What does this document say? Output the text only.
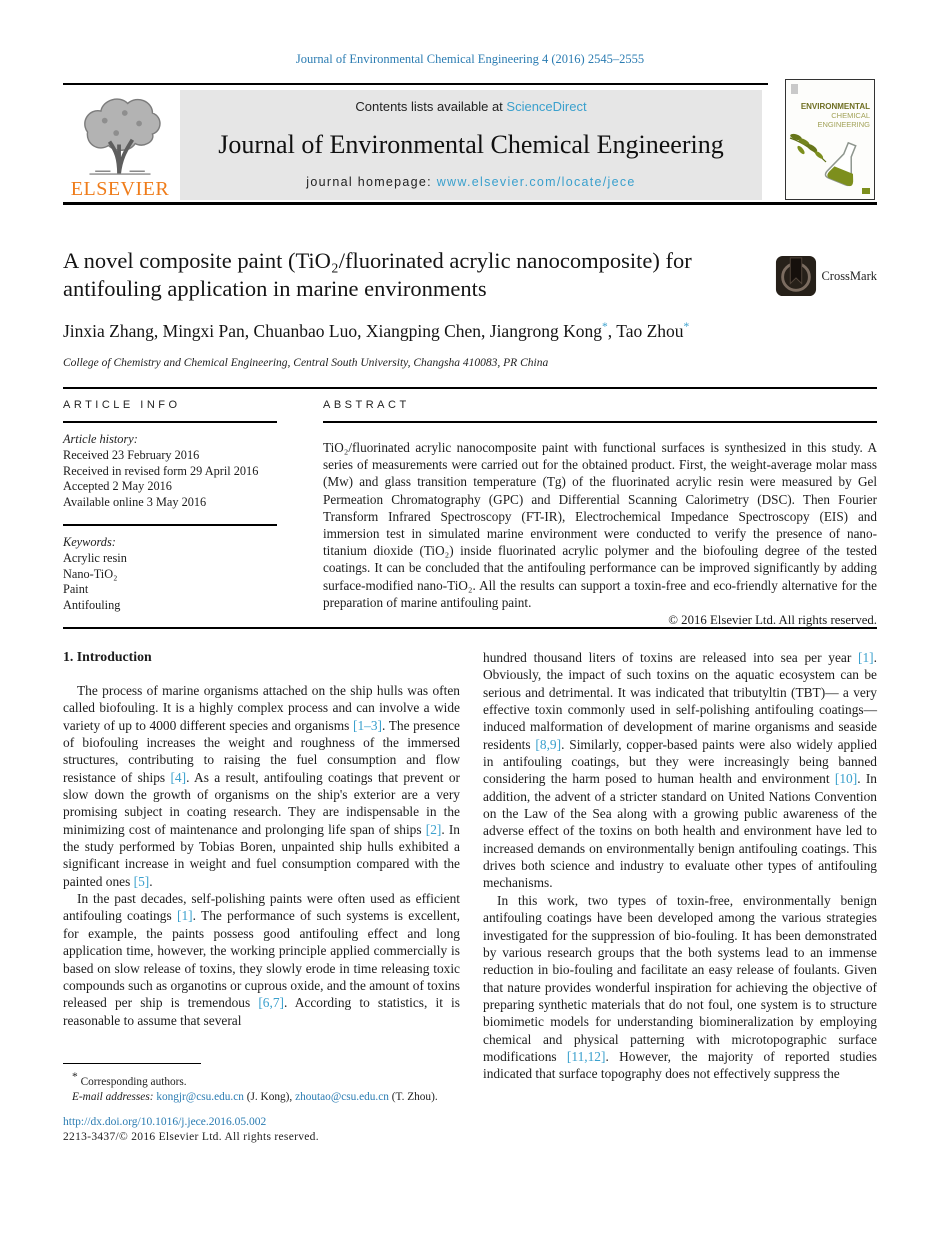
Journal of Environmental Chemical Engineering 4 (2016) 2545–2555
ELSEVIER
Contents lists available at ScienceDirect
Journal of Environmental Chemical Engineering
journal homepage: www.elsevier.com/locate/jece
ENVIRONMENTAL
CHEMICAL
ENGINEERING
A novel composite paint (TiO₂/fluorinated acrylic nanocomposite) for antifouling application in marine environments
CrossMark
Jinxia Zhang, Mingxi Pan, Chuanbao Luo, Xiangping Chen, Jiangrong Kong*, Tao Zhou*
College of Chemistry and Chemical Engineering, Central South University, Changsha 410083, PR China
ARTICLE INFO
Article history:
Received 23 February 2016
Received in revised form 29 April 2016
Accepted 2 May 2016
Available online 3 May 2016
Keywords:
Acrylic resin
Nano-TiO₂
Paint
Antifouling
ABSTRACT

TiO₂/fluorinated acrylic nanocomposite paint with functional surfaces is synthesized in this study. A series of measurements were carried out for the obtained product. First, the weight-average molar mass (Mw) and glass transition temperature (Tg) of the fluorinated acrylic resin were measured by Gel Permeation Chromatography (GPC) and Differential Scanning Calorimetry (DSC). Then Fourier Transform Infrared Spectroscopy (FT-IR), Electrochemical Impedance Spectroscopy (EIS) and immersion test in simulated marine environment were conducted to verify the presence of nano- titanium dioxide (TiO₂) inside fluorinated acrylic polymer and the biofouling degree of the tested coatings. It can be concluded that the antifouling performance can be improved significantly by adding surface-modified nano-TiO₂. All the results can support a toxin-free and eco-friendly alternative for the preparation of marine antifouling paint.

© 2016 Elsevier Ltd. All rights reserved.
1. Introduction

The process of marine organisms attached on the ship hulls was often called biofouling. It is a highly complex process and can involve a wide variety of up to 4000 different species and organisms [1–3]. The presence of biofouling increases the weight and roughness of the immersed structures, contributing to raising the fuel consumption and flow resistance of ships [4]. As a result, antifouling coatings that prevent or slow down the growth of organisms on the ship's exterior are a very promising subject in coating research. They are indispensable in the minimizing cost of maintenance and prolonging life span of ships [2]. In the study performed by Tobias Boren, unpainted ship hulls exhibited a significant increase in weight and fuel consumption compared with the painted ones [5].

In the past decades, self-polishing paints were often used as efficient antifouling coatings [1]. The performance of such systems is excellent, for example, the paints possess good antifouling effect and long application time, however, the working principle applied commercially is based on slow release of toxins, they slowly erode in time releasing toxic compounds such as organotins or cuprous oxide, and the amount of toxins released per ship is tremendous [6,7]. According to statistics, it is reasonable to assume that several

hundred thousand liters of toxins are released into sea per year [1]. Obviously, the impact of such toxins on the aquatic ecosystem can be serious and detrimental. It was indicated that tributyltin (TBT)— a very effective toxin commonly used in self-polishing antifouling coatings—induced malformation of development of marine organisms and seaside residents [8,9]. Similarly, copper-based paints were also widely applied in antifouling coatings, but they were increasingly being banned considering the harm posed to human health and environment [10]. In addition, the advent of a stricter standard on United Nations Convention on the Law of the Sea along with a growing public awareness of the adverse effect of the toxins on both health and environment have led to increased demands on environmentally benign antifouling coatings. This drives both science and industry to evaluate other types of antifouling mechanisms.

In this work, two types of toxin-free, environmentally benign antifouling coatings have been developed among the various strategies investigated for the suppression of bio-fouling. It has been demonstrated by various research groups that the both systems lead to an immense reduction in bio-fouling and facilitate an easy release of foulants. Given that nature provides wonderful inspiration for achieving the objective of preparing synthetic materials that do not foul, one system is to structure biomimetic models for understanding biomineralization by employing chemical and physical patterning with microtopographic surface modifications [11,12]. However, the majority of reported studies indicated that surface topography does not effectively suppress the

* Corresponding authors.
E-mail addresses: kongjr@csu.edu.cn (J. Kong), zhoutao@csu.edu.cn (T. Zhou).
http://dx.doi.org/10.1016/j.jece.2016.05.002
2213-3437/© 2016 Elsevier Ltd. All rights reserved.
